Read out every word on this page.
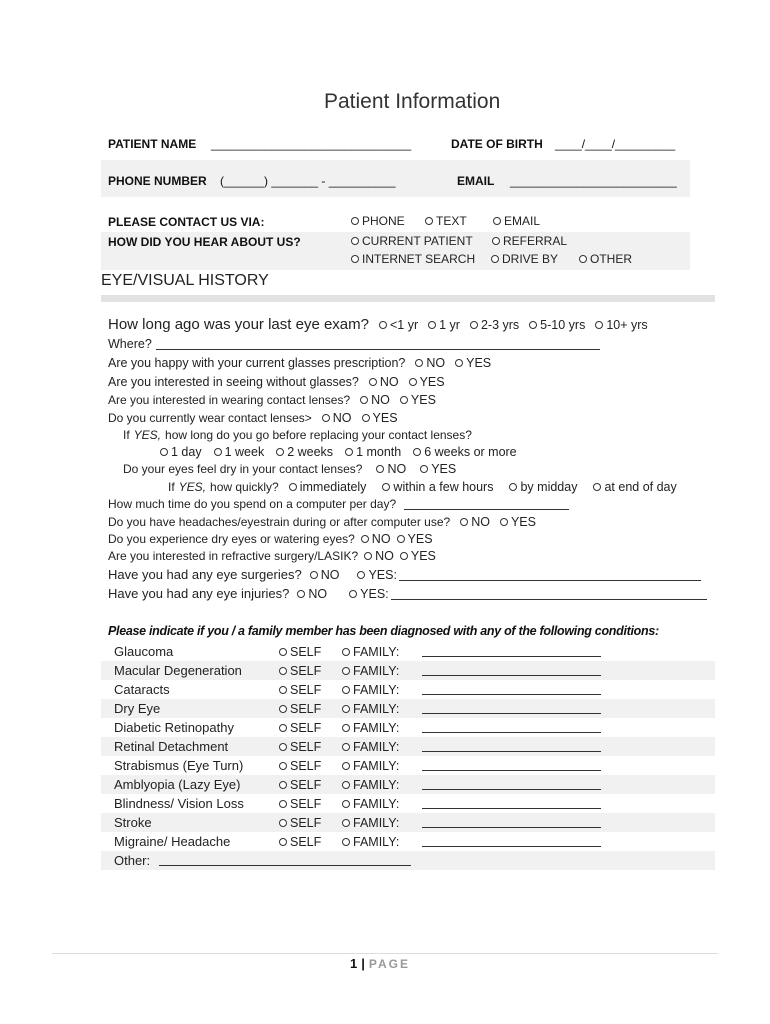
Patient Information
PATIENT NAME ______________________________	DATE OF BIRTH ____/____/_________
PHONE NUMBER (______) _______ - __________	EMAIL _________________________
PLEASE CONTACT US VIA:	PHONE	TEXT	EMAIL
HOW DID YOU HEAR ABOUT US?	CURRENT PATIENT	REFERRAL
INTERNET SEARCH DRIVE BY	OTHER
EYE/VISUAL HISTORY
How long ago was your last eye exam? <1 yr 1 yr 2-3 yrs 5-10 yrs 10+ yrs
Where?
Are you happy with your current glasses prescription? NO YES
Are you interested in seeing without glasses? NO YES
Are you interested in wearing contact lenses? NO YES
Do you currently wear contact lenses> NO YES
If YES, how long do you go before replacing your contact lenses?
1 day 1 week 2 weeks 1 month 6 weeks or more
Do your eyes feel dry in your contact lenses? NO YES
If YES, how quickly? immediately within a few hours by midday at end of day
How much time do you spend on a computer per day?
Do you have headaches/eyestrain during or after computer use? NO YES
Do you experience dry eyes or watering eyes? NO YES
Are you interested in refractive surgery/LASIK? NO YES
Have you had any eye surgeries? NO YES:
Have you had any eye injuries? NO	YES:
Please indicate if you / a family member has been diagnosed with any of the following conditions:
Glaucoma	SELF	FAMILY:
Macular Degeneration	SELF	FAMILY:
Cataracts	SELF	FAMILY:
Dry Eye	SELF	FAMILY:
Diabetic Retinopathy	SELF	FAMILY:
Retinal Detachment	SELF	FAMILY:
Strabismus (Eye Turn)	SELF	FAMILY:
Amblyopia (Lazy Eye)	SELF	FAMILY:
Blindness/ Vision Loss	SELF	FAMILY:
Stroke	SELF	FAMILY:
Migraine/ Headache	SELF	FAMILY:
Other:
1 | PAGE
